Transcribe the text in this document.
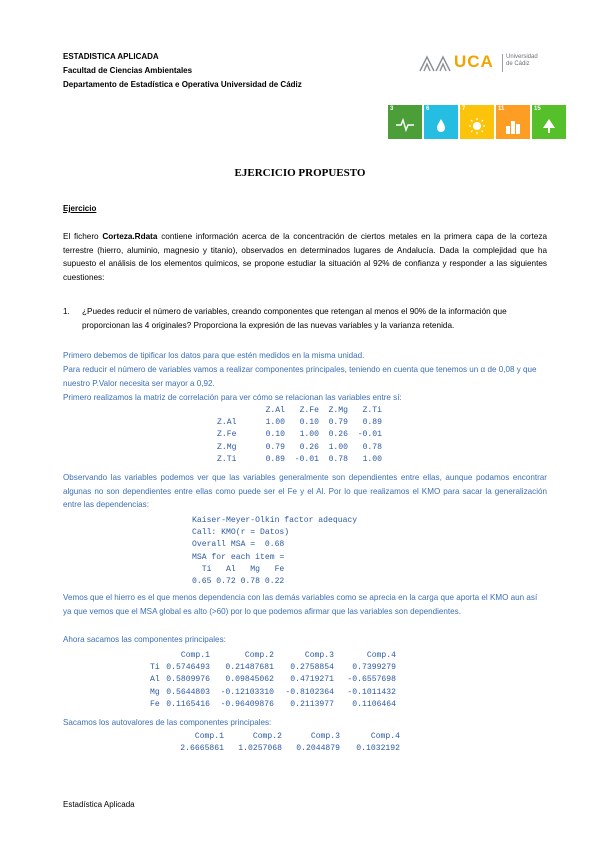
ESTADISTICA APLICADA
Facultad de Ciencias Ambientales
Departamento de Estadística e Operativa Universidad de Cádiz
UCA Universidad
de Cádiz
3	6	7	11	15
EJERCICIO PROPUESTO
Ejercicio
El fichero Corteza.Rdata contiene información acerca de la concentración de ciertos metales en la primera capa de la corteza terrestre (hierro, aluminio, magnesio y titanio), observados en determinados lugares de Andalucía. Dada la complejidad que ha supuesto el análisis de los elementos químicos, se propone estudiar la situación al 92% de confianza y responder a las siguientes cuestiones:
1. ¿Puedes reducir el número de variables, creando componentes que retengan al menos el 90% de la información que proporcionan las 4 originales? Proporciona la expresión de las nuevas variables y la varianza retenida.
Primero debemos de tipificar los datos para que estén medidos en la misma unidad.
Para reducir el número de variables vamos a realizar componentes principales, teniendo en cuenta que tenemos un α de 0,08 y que nuestro P.Valor necesita ser mayor a 0,92.
Primero realizamos la matriz de correlación para ver cómo se relacionan las variables entre sí:
	Z.Al	Z.Fe	Z.Mg	Z.Ti
Z.Al	1.00	0.10	0.79	0.89
Z.Fe	0.10	1.00	0.26	-0.01
Z.Mg	0.79	0.26	1.00	0.78
Z.Ti	0.89	-0.01	0.78	1.00
Observando las variables podemos ver que las variables generalmente son dependientes entre ellas, aunque podamos encontrar algunas no son dependientes entre ellas como puede ser el Fe y el Al. Por lo que realizamos el KMO para sacar la generalización entre las dependencias:
Kaiser-Meyer-Olkin factor adequacy
Call: KMO(r = Datos)
Overall MSA =  0.68
MSA for each item =
Ti   Al   Mg   Fe
0.65 0.72 0.78 0.22
Vemos que el hierro es el que menos dependencia con las demás variables como se aprecia en la carga que aporta el KMO aun así ya que vemos que el MSA global es alto (>60) por lo que podemos afirmar que las variables son dependientes.
Ahora sacamos las componentes principales:
	Comp.1	Comp.2	Comp.3	Comp.4
Ti	0.5746493	0.21487681	0.2758854	0.7399279
Al	0.5809976	0.09845062	0.4719271	-0.6557698
Mg	0.5644803	-0.12103310	-0.8102364	-0.1011432
Fe	0.1165416	-0.96409876	0.2113977	0.1106464
Sacamos los autovalores de las componentes principales:
Comp.1	Comp.2	Comp.3	Comp.4
2.6665861	1.0257068	0.2044879	0.1032192
Estadística Aplicada
